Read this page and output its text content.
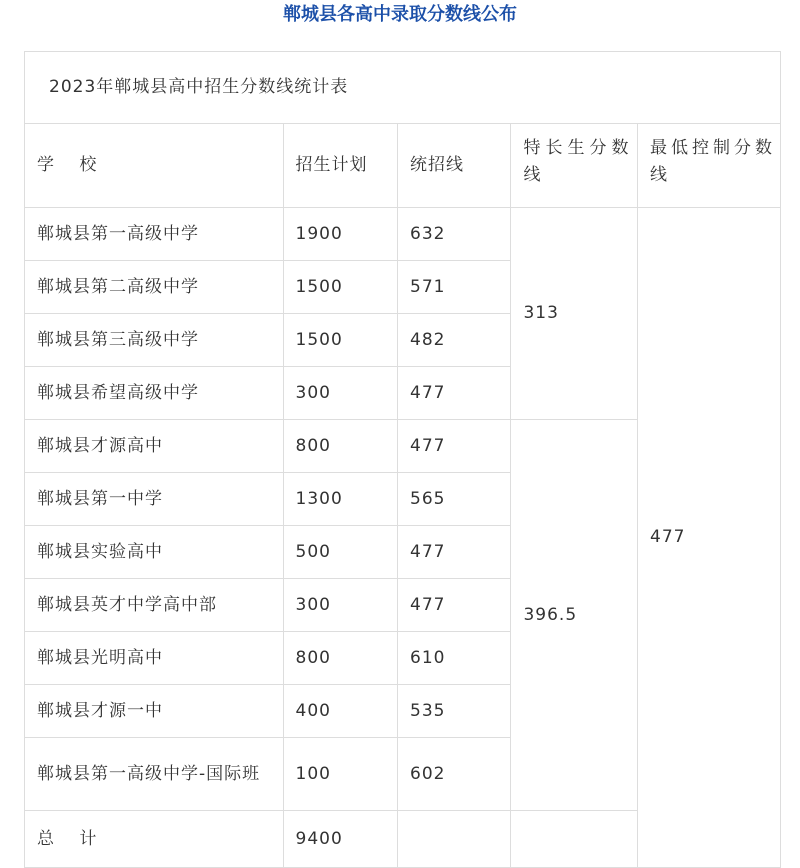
郸城县各高中录取分数线公布
2023年郸城县高中招生分数线统计表				
学 校	招生计划	统招线	特长生分数线	最低控制分数线
郸城县第一高级中学	1900	632	313	477
郸城县第二高级中学	1500	571		
郸城县第三高级中学	1500	482		
郸城县希望高级中学	300	477		
郸城县才源高中	800	477	396.5	
郸城县第一中学	1300	565		
郸城县实验高中	500	477		
郸城县英才中学高中部	300	477		
郸城县光明高中	800	610		
郸城县才源一中	400	535		
郸城县第一高级中学-国际班	100	602		
总 计	9400			
